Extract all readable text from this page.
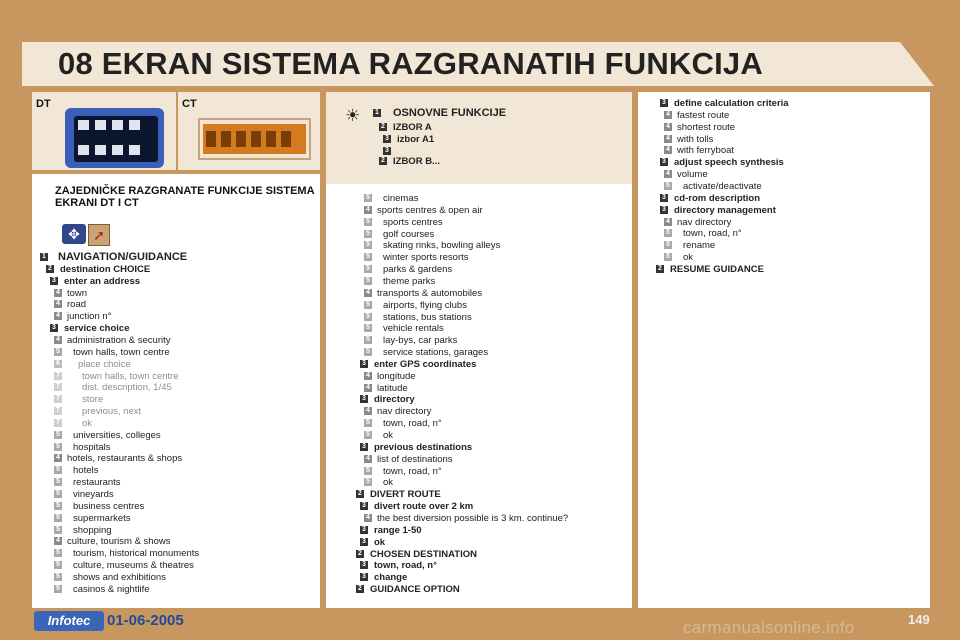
08 EKRAN SISTEMA RAZGRANATIH FUNKCIJA
DT	CT

ZAJEDNIČKE RAZGRANATE FUNKCIJE SISTEMA
EKRANI DT I CT
✥ ➚
☀	1 OSNOVNE FUNKCIJE
2 IZBOR A
3 izbor A1
3
2 IZBOR B...
1 NAVIGATION/GUIDANCE
2 destination CHOICE
3 enter an address
4 town
4 road
4 junction n°
3 service choice
4 administration & security
5 town halls, town centre
6 place choice
7 town halls, town centre
7 dist. description, 1/45
7 store
7 previous, next
7 ok
5 universities, colleges
5 hospitals
4 hotels, restaurants & shops
5 hotels
5 restaurants
5 vineyards
5 business centres
5 supermarkets
5 shopping
4 culture, tourism & shows
5 tourism, historical monuments
5 culture, museums & theatres
5 shows and exhibitions
5 casinos & nightlife
5 cinemas
4 sports centres & open air
5 sports centres
5 golf courses
5 skating rinks, bowling alleys
5 winter sports resorts
5 parks & gardens
5 theme parks
4 transports & automobiles
5 airports, flying clubs
5 stations, bus stations
5 vehicle rentals
5 lay-bys, car parks
5 service stations, garages
3 enter GPS coordinates
4 longitude
4 latitude
3 directory
4 nav directory
5 town, road, n°
5 ok
3 previous destinations
4 list of destinations
5 town, road, n°
5 ok
2 DIVERT ROUTE
3 divert route over 2 km
4 the best diversion possible is 3 km. continue?
3 range 1-50
3 ok
2 CHOSEN DESTINATION
3 town, road, n°
3 change
2 GUIDANCE OPTION
3 define calculation criteria
4 fastest route
4 shortest route
4 with tolls
4 with ferryboat
3 adjust speech synthesis
4 volume
5 activate/deactivate
3 cd-rom description
3 directory management
4 nav directory
5 town, road, n°
5 rename
5 ok
2 RESUME GUIDANCE
Infotec	01-06-2005	149
carmanualsonline.info
